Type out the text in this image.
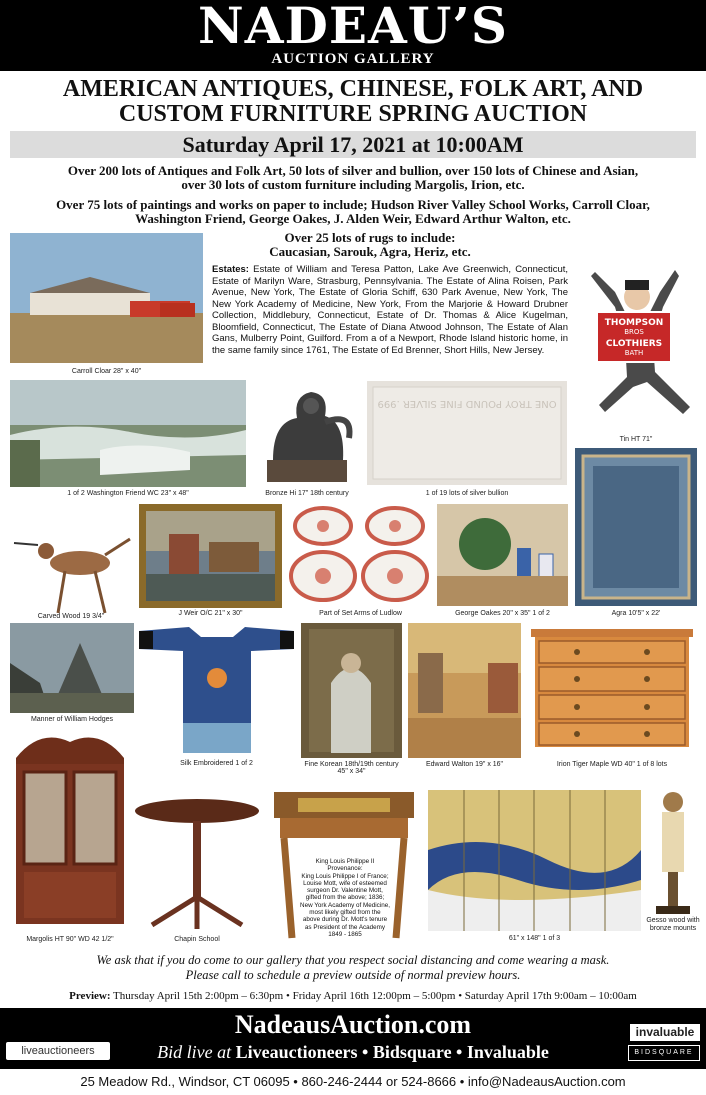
NADEAU’S
AUCTION GALLERY
AMERICAN ANTIQUES, CHINESE, FOLK ART, AND
CUSTOM FURNITURE SPRING AUCTION
Saturday April 17, 2021 at 10:00AM
Over 200 lots of Antiques and Folk Art, 50 lots of silver and bullion, over 150 lots of Chinese and Asian,
over 30 lots of custom furniture including Margolis, Irion, etc.
Over 75 lots of paintings and works on paper to include; Hudson River Valley School Works, Carroll Cloar,
Washington Friend, George Oakes, J. Alden Weir, Edward Arthur Walton, etc.
Over 25 lots of rugs to include:
Caucasian, Sarouk, Agra, Heriz, etc.
Estates: Estate of William and Teresa Patton, Lake Ave Greenwich, Connecticut, Estate of Marilyn Ware, Strasburg, Pennsylvania. The Estate of Alina Roisen, Park Avenue, New York, The Estate of Gloria Schiff, 630 Park Avenue, New York, The New York Academy of Medicine, New York, From the Marjorie & Howard Drubner Collection, Middlebury, Connecticut, Estate of Dr. Thomas & Alice Kugelman, Bloomfield, Connecticut, The Estate of Diana Atwood Johnson, The Estate of Alan Gans, Mulberry Point, Guilford. From a of a Newport, Rhode Island historic home, in the same family since 1761, The Estate of Ed Brenner, Short Hills, New Jersey.
Carroll Cloar 28" x 40"
THOMPSON
BROS
CLOTHIERS
BATH
Tin HT 71"
1 of 2 Washington Friend WC 23" x 48"	Bronze Hi 17" 18th century
ONE TROY POUND FINE SILVER .999
1 of 19 lots of silver bullion
Carved Wood 19 3/4"	J Weir O/C 21" x 30"	Part of Set Arms of Ludlow	George Oakes 20" x 35" 1 of 2	Agra 10'5" x 22'
Manner of William Hodges
Silk Embroidered 1 of 2	Fine Korean 18th/19th century
45" x 34"
Edward Walton 19" x 16"	Irion Tiger Maple WD 40" 1 of 8 lots
Margolis HT 90" WD 42 1/2"	Chapin School
King Louis Philippe II
Provenance:
King Louis Philippe I of France; Louise Mott, wife of esteemed surgeon Dr. Valentine Mott, gifted from the above; 1836; New York Academy of Medicine, most likely gifted from the above during Dr. Mott's tenure as President of the Academy 1849 - 1865
61" x 148" 1 of 3
Gesso wood with bronze mounts
We ask that if you do come to our gallery that you respect social distancing and come wearing a mask.
Please call to schedule a preview outside of normal preview hours.
Preview: Thursday April 15th 2:00pm – 6:30pm • Friday April 16th 12:00pm – 5:00pm • Saturday April 17th 9:00am – 10:00am
NadeausAuction.com
Bid live at Liveauctioneers • Bidsquare • Invaluable
liveauctioneers
invaluable
BIDSQUARE
25 Meadow Rd., Windsor, CT 06095 • 860-246-2444 or 524-8666 • info@NadeausAuction.com
